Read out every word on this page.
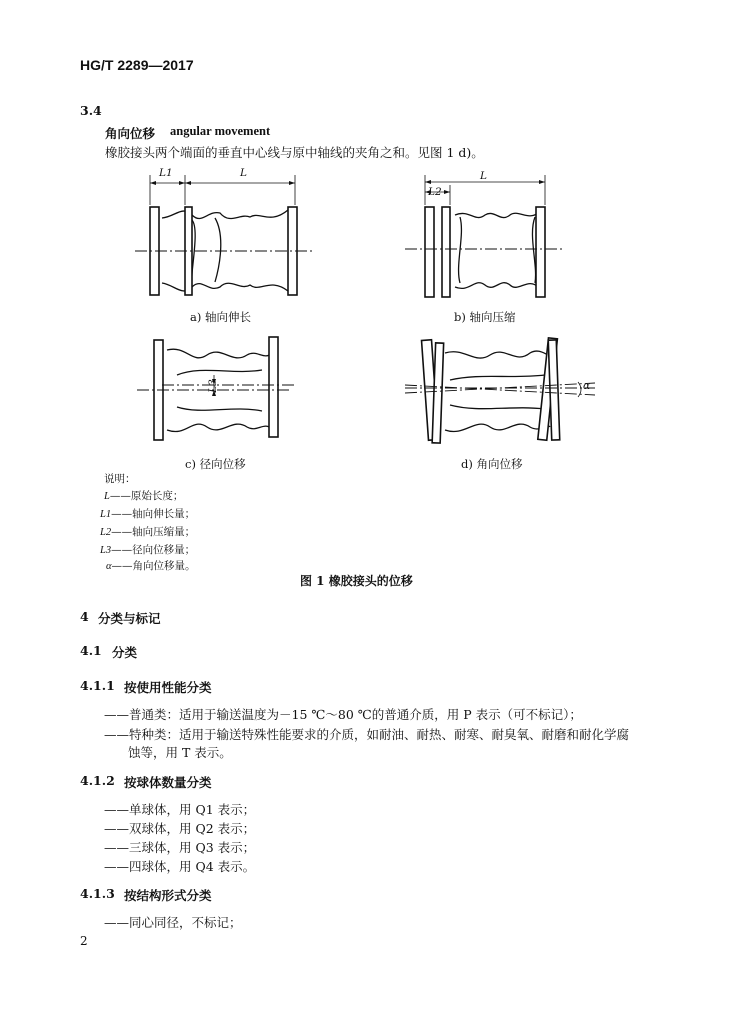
HG/T 2289—2017
3.4
角向位移 angular movement
橡胶接头两个端面的垂直中心线与原中轴线的夹角之和。见图 1 d)。
L1	L
a) 轴向伸长
L2
L
b) 轴向压缩
L3
c) 径向位移
α
d) 角向位移
说明：
L——原始长度；
L1——轴向伸长量；
L2——轴向压缩量；
L3——径向位移量；
α——角向位移量。
图 1 橡胶接头的位移
4 分类与标记
4.1 分类
4.1.1 按使用性能分类
——普通类：适用于输送温度为－15 ℃～80 ℃的普通介质，用 P 表示（可不标记）；
——特种类：适用于输送特殊性能要求的介质，如耐油、耐热、耐寒、耐臭氧、耐磨和耐化学腐
蚀等，用 T 表示。
4.1.2 按球体数量分类
——单球体，用 Q1 表示；
——双球体，用 Q2 表示；
——三球体，用 Q3 表示；
——四球体，用 Q4 表示。
4.1.3 按结构形式分类
——同心同径，不标记；
2
